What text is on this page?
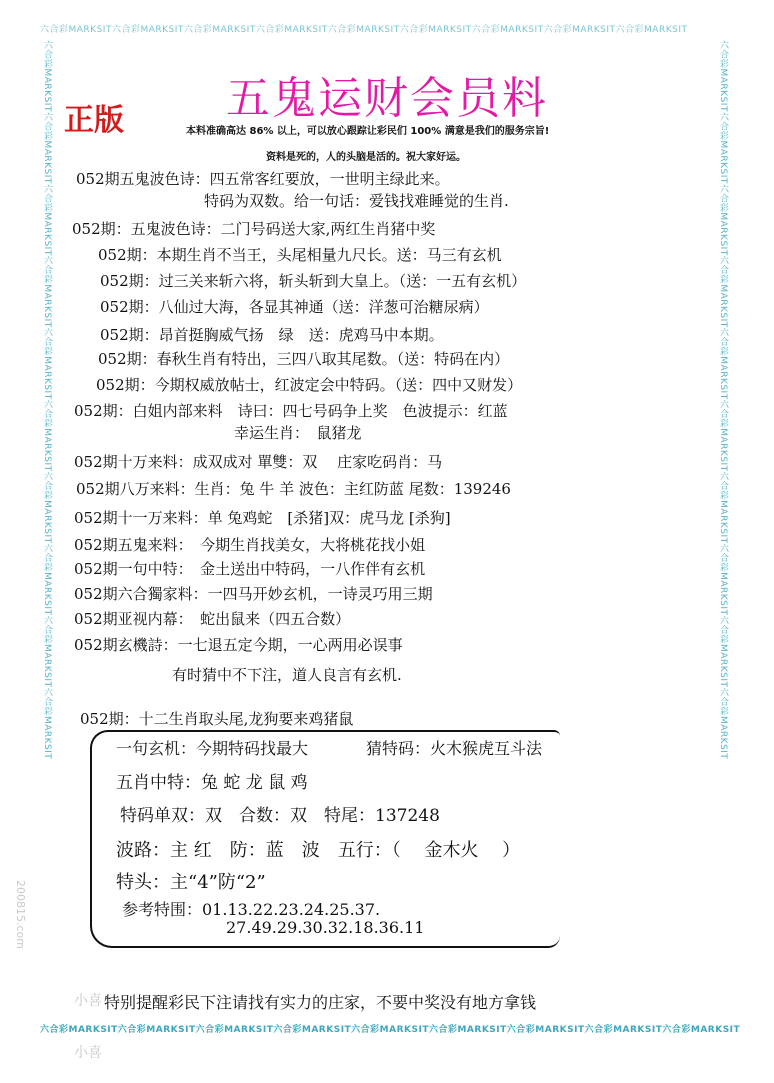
六合彩MARKSIT六合彩MARKSIT六合彩MARKSIT六合彩MARKSIT六合彩MARKSIT六合彩MARKSIT六合彩MARKSIT六合彩MARKSIT六合彩MARKSIT
六合彩MARKSIT六合彩MARKSIT六合彩MARKSIT六合彩MARKSIT六合彩MARKSIT六合彩MARKSIT六合彩MARKSIT六合彩MARKSIT六合彩MARKSIT
六合彩MARKSIT六合彩MARKSIT六合彩MARKSIT六合彩MARKSIT六合彩MARKSIT六合彩MARKSIT六合彩MARKSIT六合彩MARKSIT六合彩MARKSIT六合彩MARKSIT	六合彩MARKSIT六合彩MARKSIT六合彩MARKSIT六合彩MARKSIT六合彩MARKSIT六合彩MARKSIT六合彩MARKSIT六合彩MARKSIT六合彩MARKSIT六合彩MARKSIT
五鬼运财会员料
正版	本料准确高达 86% 以上，可以放心跟踪让彩民们 100% 满意是我们的服务宗旨!
资料是死的，人的头脑是活的。祝大家好运。
052期五鬼波色诗：四五常客红要放，一世明主绿此来。
特码为双数。给一句话：爱钱找难睡觉的生肖.
052期：五鬼波色诗：二门号码送大家,两红生肖猪中奖
052期：本期生肖不当王，头尾相量九尺长。送：马三有玄机
052期：过三关来斩六将，斩头斩到大皇上。（送：一五有玄机）
052期：八仙过大海，各显其神通（送：洋葱可治糖尿病）
052期：昂首挺胸威气扬　绿　送：虎鸡马中本期。
052期：春秋生肖有特出，三四八取其尾数。（送：特码在内）
052期：今期权威放帖士，红波定会中特码。（送：四中又财发）
052期：白姐内部来料　诗曰：四七号码争上奖　色波提示：红蓝
幸运生肖：　鼠猪龙
052期十万来料：成双成对 單雙：双　 庄家吃码肖：马
052期八万来料：生肖：兔 牛 羊 波色：主红防蓝 尾数：139246
052期十一万来料：单 兔鸡蛇　[杀猪]双：虎马龙 [杀狗]
052期五鬼来料：　今期生肖找美女，大将桃花找小姐
052期一句中特：　金土送出中特码，一八作伴有玄机
052期六合獨家料：一四马开妙玄机，一诗灵巧用三期
052期亚视内幕：　蛇出鼠来（四五合数）
052期玄機詩：一七退五定今期，一心两用必误事
有时猜中不下注，道人良言有玄机.
052期：十二生肖取头尾,龙狗要来鸡猪鼠
一句玄机：今期特码找最大	猜特码：火木猴虎互斗法
五肖中特：兔 蛇 龙 鼠 鸡
特码单双：双　合数：双　特尾：137248
波路：主 红　防：蓝　波　五行：（　 金木火　 ）
特头：主“4”防“2”
参考特围：01.13.22.23.24.25.37.
27.49.29.30.32.18.36.11
特别提醒彩民下注请找有实力的庄家，不要中奖没有地方拿钱
小喜
200815.com
小喜
